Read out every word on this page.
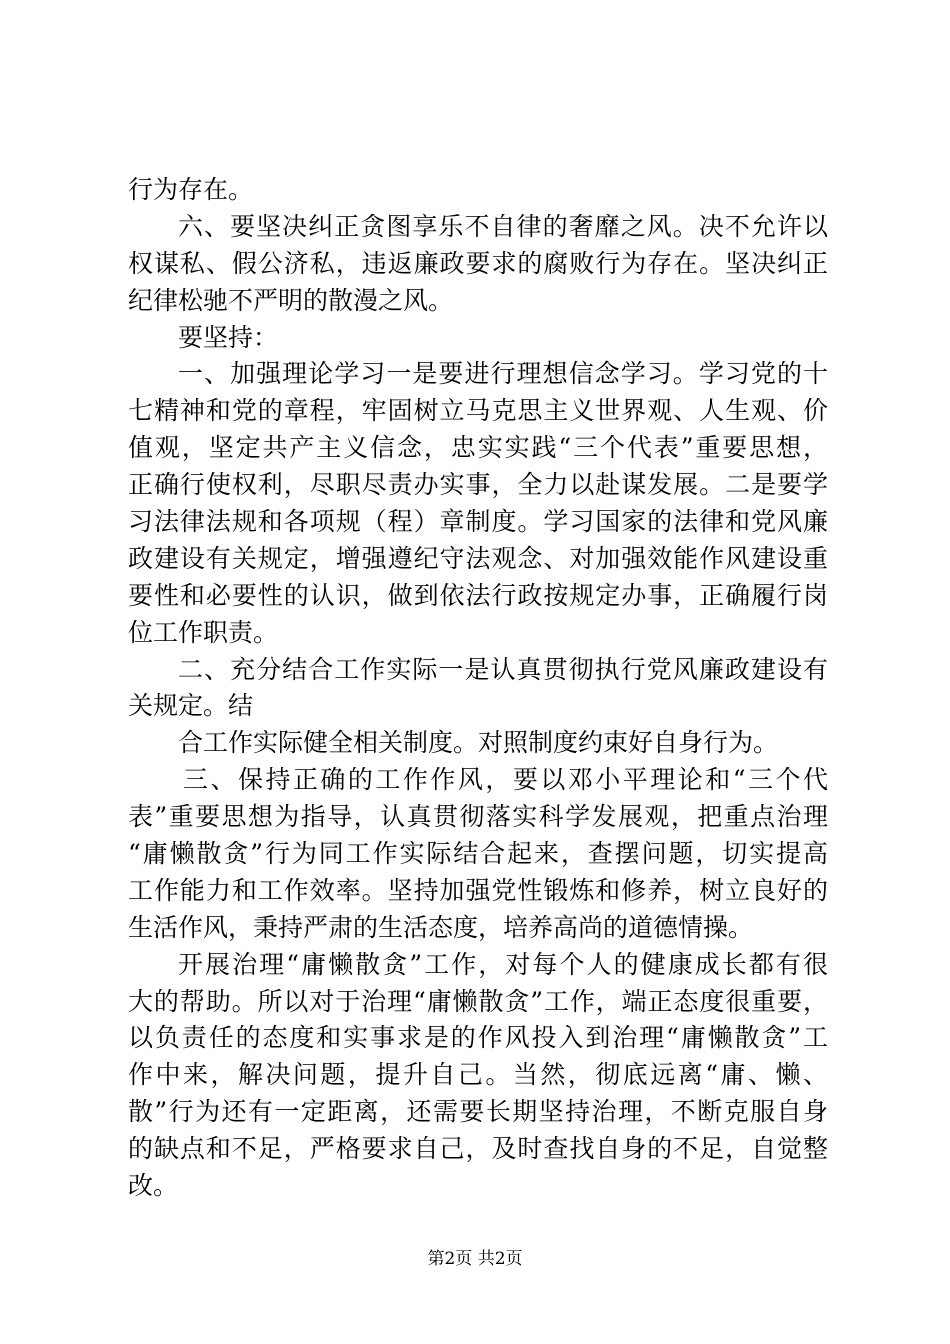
行为存在。
六、要坚决纠正贪图享乐不自律的奢靡之风。决不允许以
权谋私、假公济私，违返廉政要求的腐败行为存在。坚决纠正
纪律松驰不严明的散漫之风。
要坚持：
一、加强理论学习一是要进行理想信念学习。学习党的十
七精神和党的章程，牢固树立马克思主义世界观、人生观、价
值观，坚定共产主义信念，忠实实践“三个代表”重要思想，
正确行使权利，尽职尽责办实事，全力以赴谋发展。二是要学
习法律法规和各项规（程）章制度。学习国家的法律和党风廉
政建设有关规定，增强遵纪守法观念、对加强效能作风建设重
要性和必要性的认识，做到依法行政按规定办事，正确履行岗
位工作职责。
二、充分结合工作实际一是认真贯彻执行党风廉政建设有
关规定。结
合工作实际健全相关制度。对照制度约束好自身行为。
三、保持正确的工作作风，要以邓小平理论和“三个代
表”重要思想为指导，认真贯彻落实科学发展观，把重点治理
“庸懒散贪”行为同工作实际结合起来，查摆问题，切实提高
工作能力和工作效率。坚持加强党性锻炼和修养，树立良好的
生活作风，秉持严肃的生活态度，培养高尚的道德情操。
开展治理“庸懒散贪”工作，对每个人的健康成长都有很
大的帮助。所以对于治理“庸懒散贪”工作，端正态度很重要，
以负责任的态度和实事求是的作风投入到治理“庸懒散贪”工
作中来，解决问题，提升自己。当然，彻底远离“庸、懒、
散”行为还有一定距离，还需要长期坚持治理，不断克服自身
的缺点和不足，严格要求自己，及时查找自身的不足，自觉整
改。
第2页 共2页
